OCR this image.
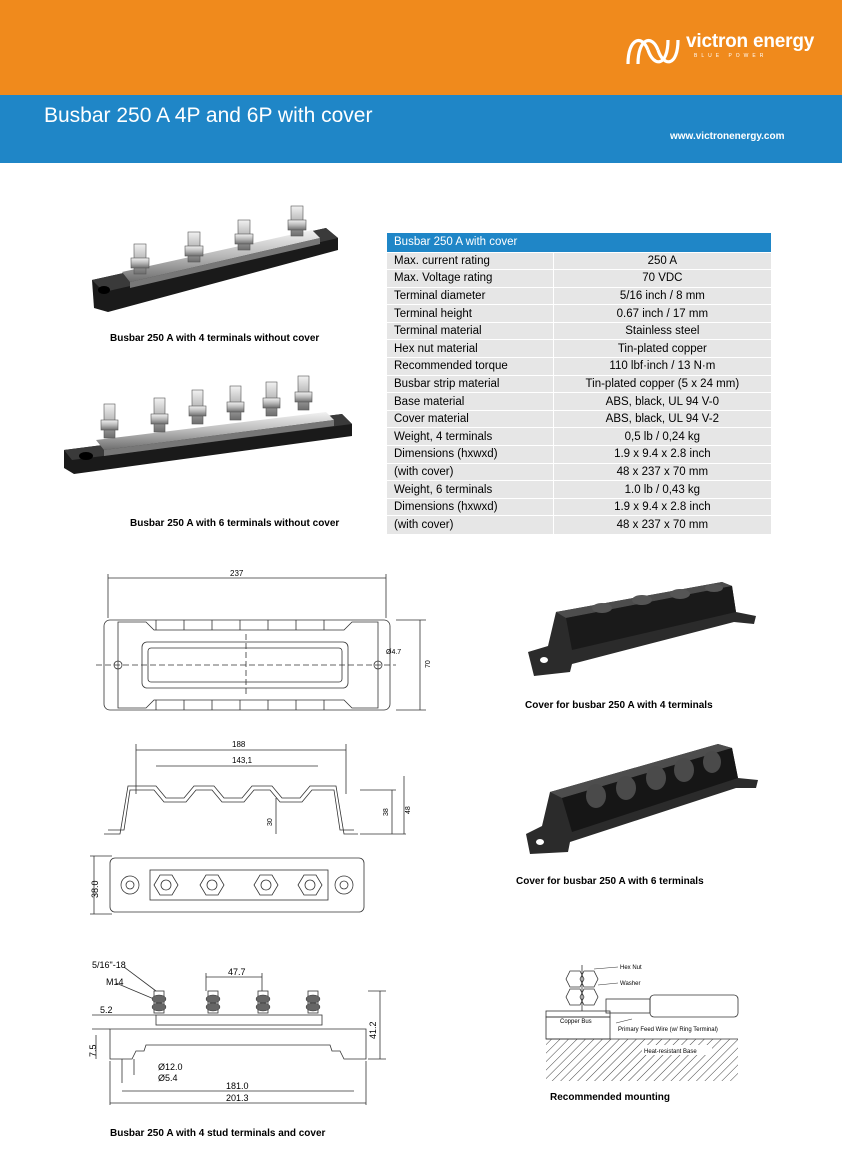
victron energy
BLUE POWER
Busbar 250 A 4P and 6P with cover
www.victronenergy.com
Busbar 250 A with 4 terminals without cover
Busbar 250 A with 6 terminals without cover
Busbar 250 A with cover	
Max. current rating	250 A
Max. Voltage rating	70 VDC
Terminal diameter	5/16 inch / 8 mm
Terminal height	0.67 inch / 17 mm
Terminal material	Stainless steel
Hex nut material	Tin-plated copper
Recommended torque	110 lbf·inch / 13 N·m
Busbar strip material	Tin-plated copper (5 x 24 mm)
Base material	ABS, black, UL 94 V-0
Cover material	ABS, black, UL 94 V-2
Weight, 4 terminals	0,5 lb / 0,24 kg
Dimensions (hxwxd)	1.9 x 9.4 x 2.8 inch
(with cover)	48 x 237 x 70 mm
Weight, 6 terminals	1.0 lb / 0,43 kg
Dimensions (hxwxd)	1.9 x 9.4 x 2.8 inch
(with cover)	48 x 237 x 70 mm
237
Ø4.7
70
188
143,1
30
38 48
38.0
Cover for busbar 250 A with 4 terminals
Cover for busbar 250 A with 6 terminals
5/16"-18
M14
47.7
5.2
7.5
41.2
Ø12.0
Ø5.4
181.0
201.3
Busbar 250 A with 4 stud terminals and cover
Hex Nut
Washer
Copper Bus
Primary Feed Wire (w/ Ring Terminal)
Heat-resistant Base
Recommended mounting
